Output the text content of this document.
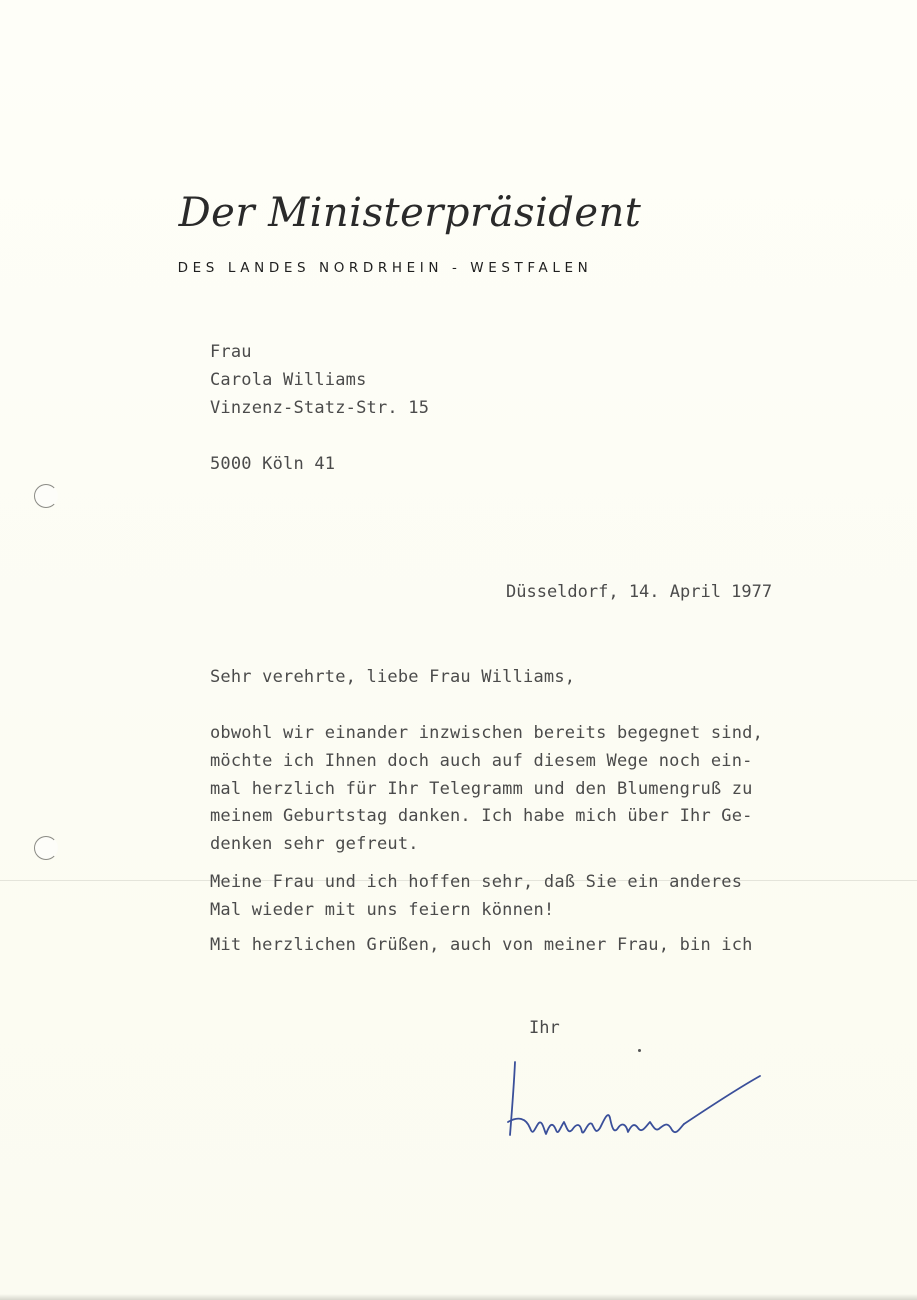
Der Ministerpräsident
DES LANDES NORDRHEIN - WESTFALEN
Frau
Carola Williams
Vinzenz-Statz-Str. 15
5000 Köln 41
Düsseldorf, 14. April 1977
Sehr verehrte, liebe Frau Williams,
obwohl wir einander inzwischen bereits begegnet sind,
möchte ich Ihnen doch auch auf diesem Wege noch ein-
mal herzlich für Ihr Telegramm und den Blumengruß zu
meinem Geburtstag danken. Ich habe mich über Ihr Ge-
denken sehr gefreut.
Meine Frau und ich hoffen sehr, daß Sie ein anderes
Mal wieder mit uns feiern können!
Mit herzlichen Grüßen, auch von meiner Frau, bin ich
Ihr
